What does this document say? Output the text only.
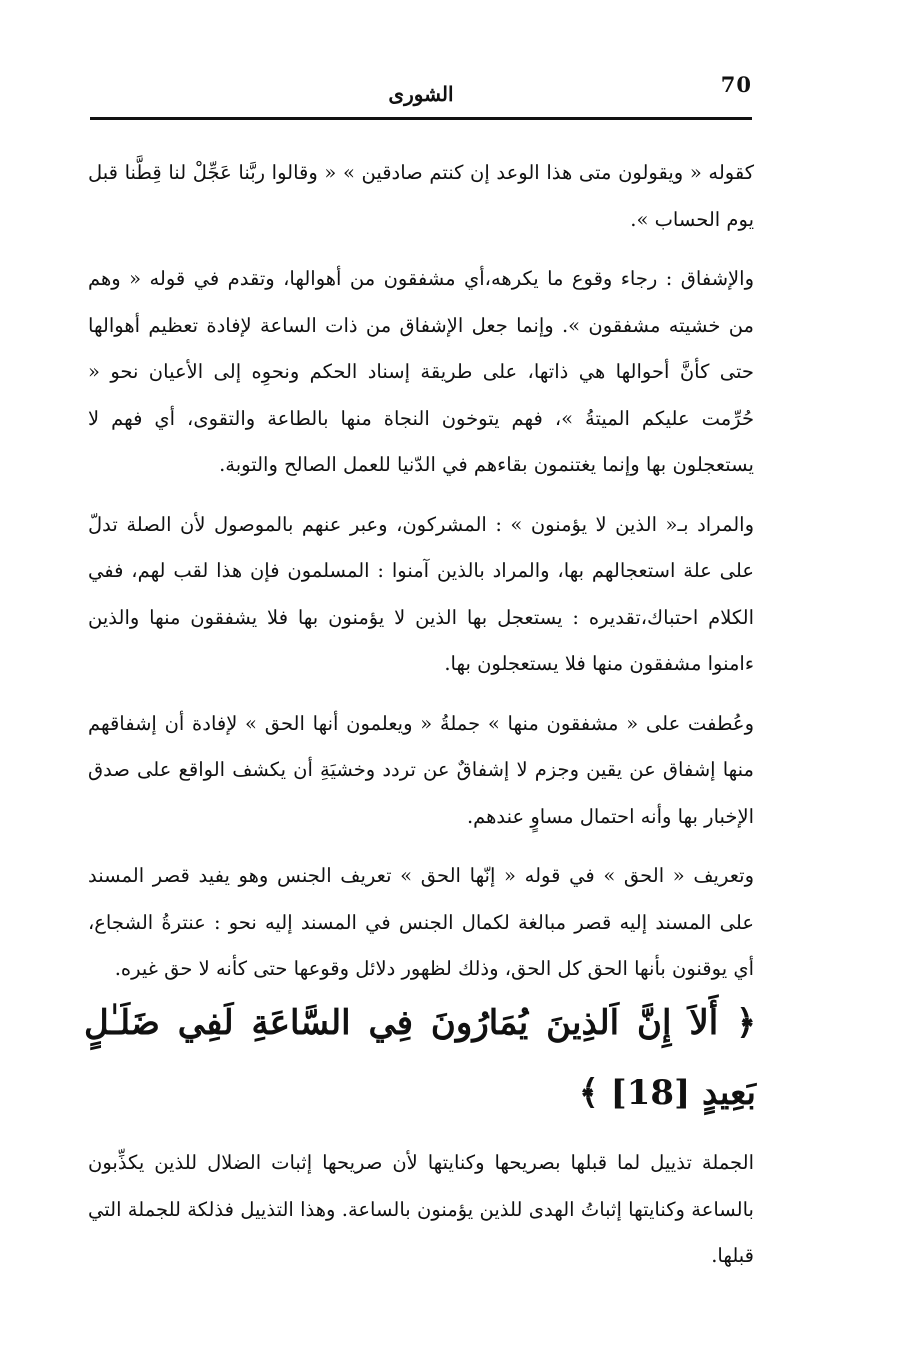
70
الشورى

كقوله « ويقولون متى هذا الوعد إن كنتم صادقين » « وقالوا ربَّنا عَجِّلْ لنا قِطَّنا قبل يوم الحساب ».

والإشفاق : رجاء وقوع ما يكرهه،أي مشفقون من أهوالها، وتقدم في قوله « وهم من خشيته مشفقون ». وإنما جعل الإشفاق من ذات الساعة لإفادة تعظيم أهوالها حتى كأنَّ أحوالها هي ذاتها، على طريقة إسناد الحكم ونحوِه إلى الأعيان نحو « حُرِّمت عليكم الميتةُ »، فهم يتوخون النجاة منها بالطاعة والتقوى، أي فهم لا يستعجلون بها وإنما يغتنمون بقاءهم في الدّنيا للعمل الصالح والتوبة.

والمراد بـ« الذين لا يؤمنون » : المشركون، وعبر عنهم بالموصول لأن الصلة تدلّ على علة استعجالهم بها، والمراد بالذين آمنوا : المسلمون فإن هذا لقب لهم، ففي الكلام احتباك،تقديره : يستعجل بها الذين لا يؤمنون بها فلا يشفقون منها والذين ءامنوا مشفقون منها فلا يستعجلون بها.

وعُطفت على « مشفقون منها » جملةُ « ويعلمون أنها الحق » لإفادة أن إشفاقهم منها إشفاق عن يقين وجزم لا إشفاقٌ عن تردد وخشيَةِ أن يكشف الواقع على صدق الإخبار بها وأنه احتمال مساوٍ عندهم.

وتعريف « الحق » في قوله « إنّها الحق » تعريف الجنس وهو يفيد قصر المسند على المسند إليه قصر مبالغة لكمال الجنس في المسند إليه نحو : عنترةُ الشجاع، أي يوقنون بأنها الحق كل الحق، وذلك لظهور دلائل وقوعها حتى كأنه لا حق غيره.

﴿ أَلاَ إِنَّ اَلذِينَ يُمَارُونَ فِي السَّاعَةِ لَفِي ضَلَـٰلٍ بَعِيدٍ [18] ﴾

الجملة تذييل لما قبلها بصريحها وكنايتها لأن صريحها إثبات الضلال للذين يكذِّبون بالساعة وكنايتها إثباتُ الهدى للذين يؤمنون بالساعة. وهذا التذييل فذلكة للجملة التي قبلها.
